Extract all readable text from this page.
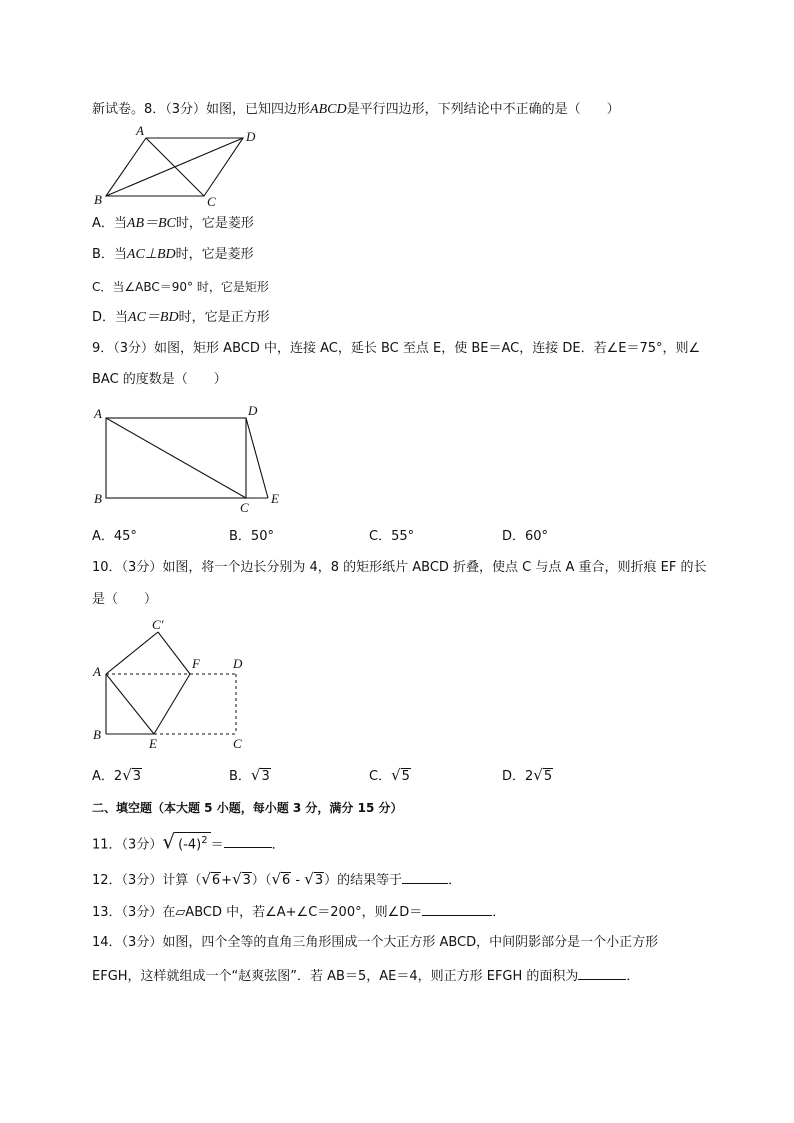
新试卷。8．（3分）如图，已知四边形ABCD是平行四边形，下列结论中不正确的是（　　）
A	D
B	C
A．当AB＝BC时，它是菱形
B．当AC⊥BD时，它是菱形
C．当∠ABC＝90° 时，它是矩形
D．当AC＝BD时，它是正方形
9．（3分）如图，矩形 ABCD 中，连接 AC，延长 BC 至点 E，使 BE＝AC，连接 DE．若∠E＝75°，则∠
BAC 的度数是（　　）
A	D
B
C
E
A．45°	B．50°	C．55°	D．60°
10．（3分）如图，将一个边长分别为 4，8 的矩形纸片 ABCD 折叠，使点 C 与点 A 重合，则折痕 EF 的长
是（　　）
C′
A
F	D
B
E	C
A．2√3	B．√3	C．√5	D．2√5
二、填空题（本大题 5 小题，每小题 3 分，满分 15 分）
11．（3分）√ $(-4)^2$ ＝	．
12．（3分）计算（√6+√3）（√6 - √3）的结果等于	．
13．（3分）在▱ABCD 中，若∠A+∠C＝200°，则∠D＝	．
14．（3分）如图，四个全等的直角三角形围成一个大正方形 ABCD，中间阴影部分是一个小正方形
EFGH，这样就组成一个“赵爽弦图”．若 AB＝5，AE＝4，则正方形 EFGH 的面积为	．
